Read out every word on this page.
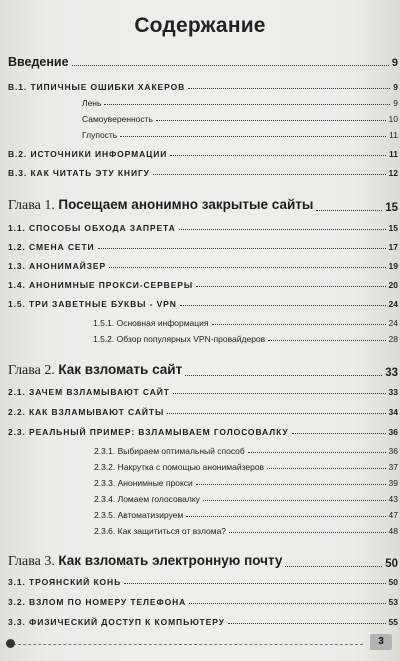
Содержание
Введение	9
В.1. ТИПИЧНЫЕ ОШИБКИ ХАКЕРОВ	9
Лень	9
Самоуверенность	10
Глупость	11
В.2. ИСТОЧНИКИ ИНФОРМАЦИИ	11
В.3. КАК ЧИТАТЬ ЭТУ КНИГУ	12
Глава 1. Посещаем анонимно закрытые сайты	15
1.1. СПОСОБЫ ОБХОДА ЗАПРЕТА	15
1.2. СМЕНА СЕТИ	17
1.3. АНОНИМАЙЗЕР	19
1.4. АНОНИМНЫЕ ПРОКСИ-СЕРВЕРЫ	20
1.5. ТРИ ЗАВЕТНЫЕ БУКВЫ - VPN	24
1.5.1. Основная информация	24
1.5.2. Обзор популярных VPN-провайдеров	28
Глава 2. Как взломать сайт	33
2.1. ЗАЧЕМ ВЗЛАМЫВАЮТ САЙТ	33
2.2. КАК ВЗЛАМЫВАЮТ САЙТЫ	34
2.3. РЕАЛЬНЫЙ ПРИМЕР: ВЗЛАМЫВАЕМ ГОЛОСОВАЛКУ	36
2.3.1. Выбираем оптимальный способ	36
2.3.2. Накрутка с помощью анонимайзеров	37
2.3.3. Анонимные прокси	39
2.3.4. Ломаем голосовалку	43
2.3.5. Автоматизируем	47
2.3.6. Как защититься от взлома?	48
Глава 3. Как взломать электронную почту	50
3.1. ТРОЯНСКИЙ КОНЬ	50
3.2. ВЗЛОМ ПО НОМЕРУ ТЕЛЕФОНА	53
3.3. ФИЗИЧЕСКИЙ ДОСТУП К КОМПЬЮТЕРУ	55
3
